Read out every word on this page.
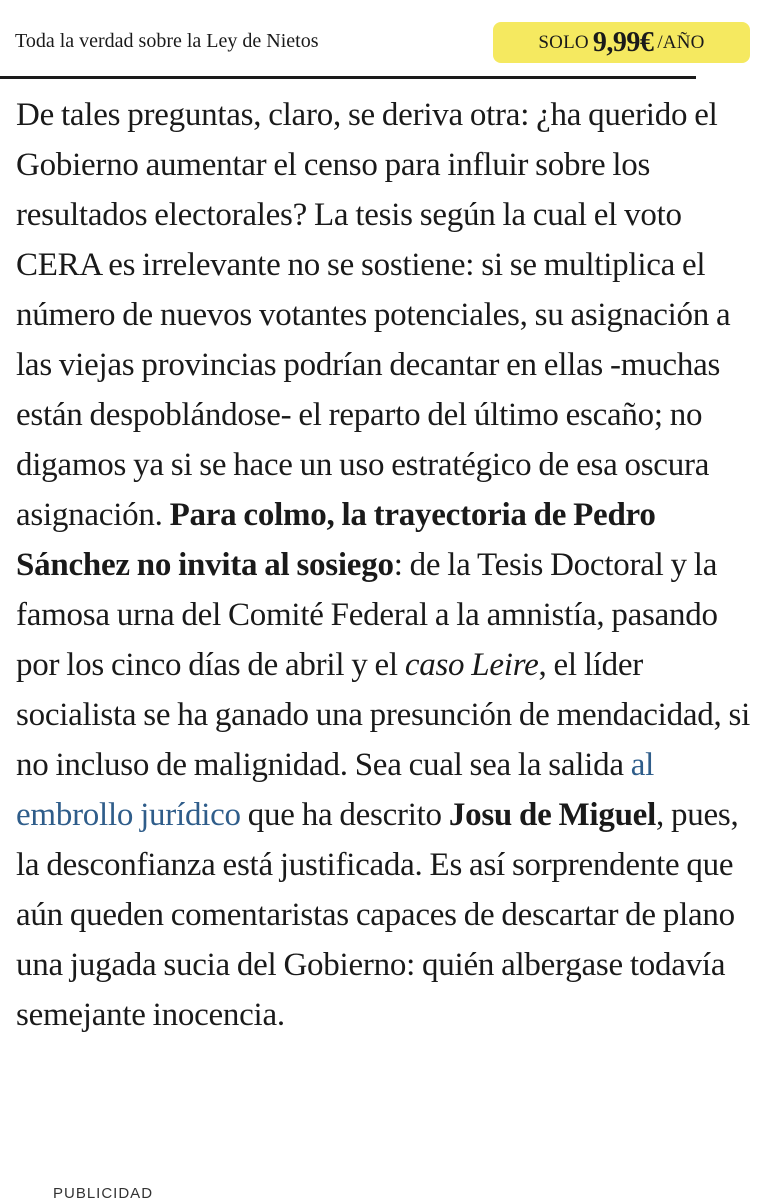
Toda la verdad sobre la Ley de Nietos	SOLO 9,99€ /AÑO

De tales preguntas, claro, se deriva otra: ¿ha querido el Gobierno aumentar el censo para influir sobre los resultados electorales? La tesis según la cual el voto CERA es irrelevante no se sostiene: si se multiplica el número de nuevos votantes potenciales, su asignación a las viejas provincias podrían decantar en ellas -muchas están despoblándose- el reparto del último escaño; no digamos ya si se hace un uso estratégico de esa oscura asignación. Para colmo, la trayectoria de Pedro Sánchez no invita al sosiego: de la Tesis Doctoral y la famosa urna del Comité Federal a la amnistía, pasando por los cinco días de abril y el caso Leire, el líder socialista se ha ganado una presunción de mendacidad, si no incluso de malignidad. Sea cual sea la salida al embrollo jurídico que ha descrito Josu de Miguel, pues, la desconfianza está justificada. Es así sorprendente que aún queden comentaristas capaces de descartar de plano una jugada sucia del Gobierno: quién albergase todavía semejante inocencia.

PUBLICIDAD
